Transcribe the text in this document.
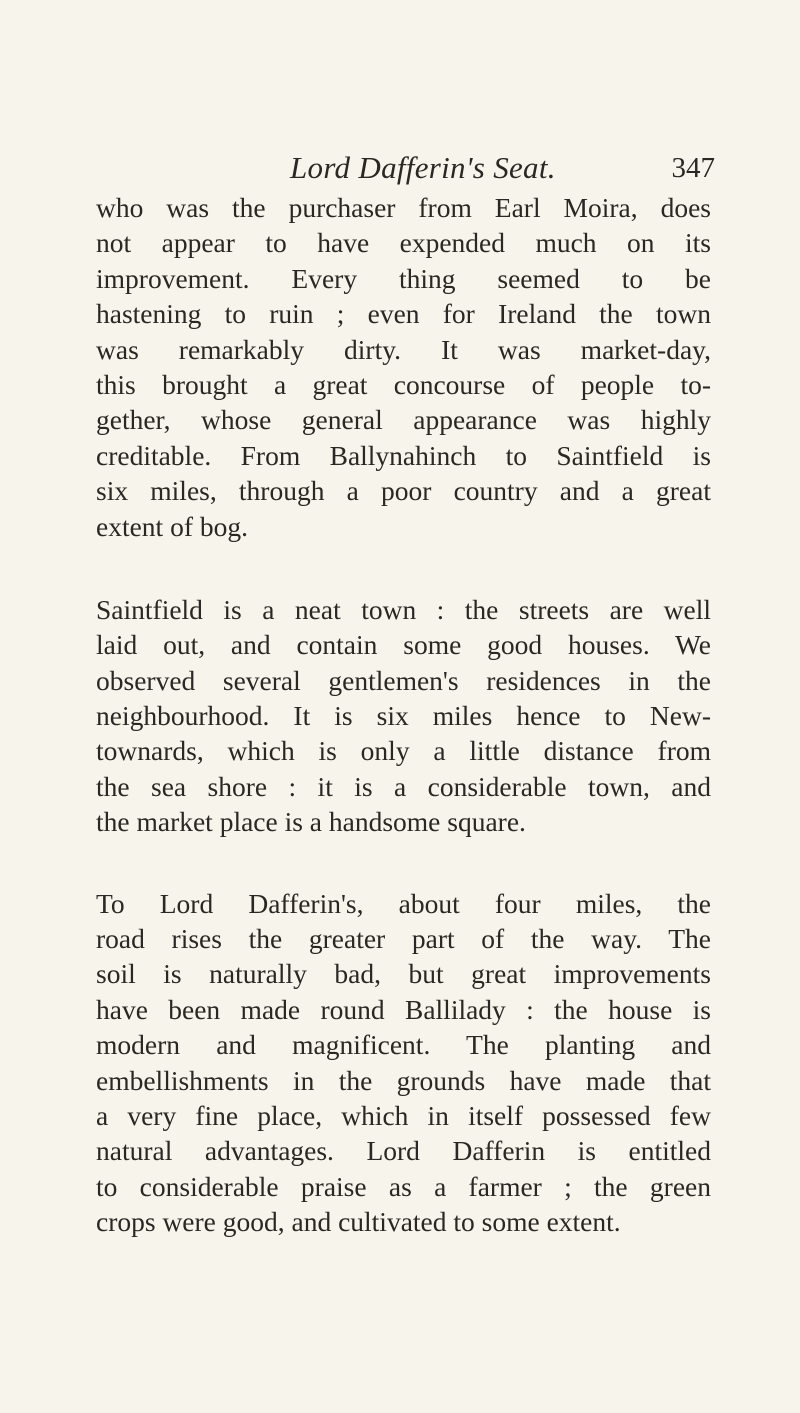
Lord Dafferin's Seat.	347
who was the purchaser from Earl Moira, does
not appear to have expended much on its
improvement. Every thing seemed to be
hastening to ruin ; even for Ireland the town
was remarkably dirty. It was market-day,
this brought a great concourse of people to-
gether, whose general appearance was highly
creditable. From Ballynahinch to Saintfield is
six miles, through a poor country and a great
extent of bog.
Saintfield is a neat town : the streets are well
laid out, and contain some good houses. We
observed several gentlemen's residences in the
neighbourhood. It is six miles hence to New-
townards, which is only a little distance from
the sea shore : it is a considerable town, and
the market place is a handsome square.
To Lord Dafferin's, about four miles, the
road rises the greater part of the way. The
soil is naturally bad, but great improvements
have been made round Ballilady : the house is
modern and magnificent. The planting and
embellishments in the grounds have made that
a very fine place, which in itself possessed few
natural advantages. Lord Dafferin is entitled
to considerable praise as a farmer ; the green
crops were good, and cultivated to some extent.
